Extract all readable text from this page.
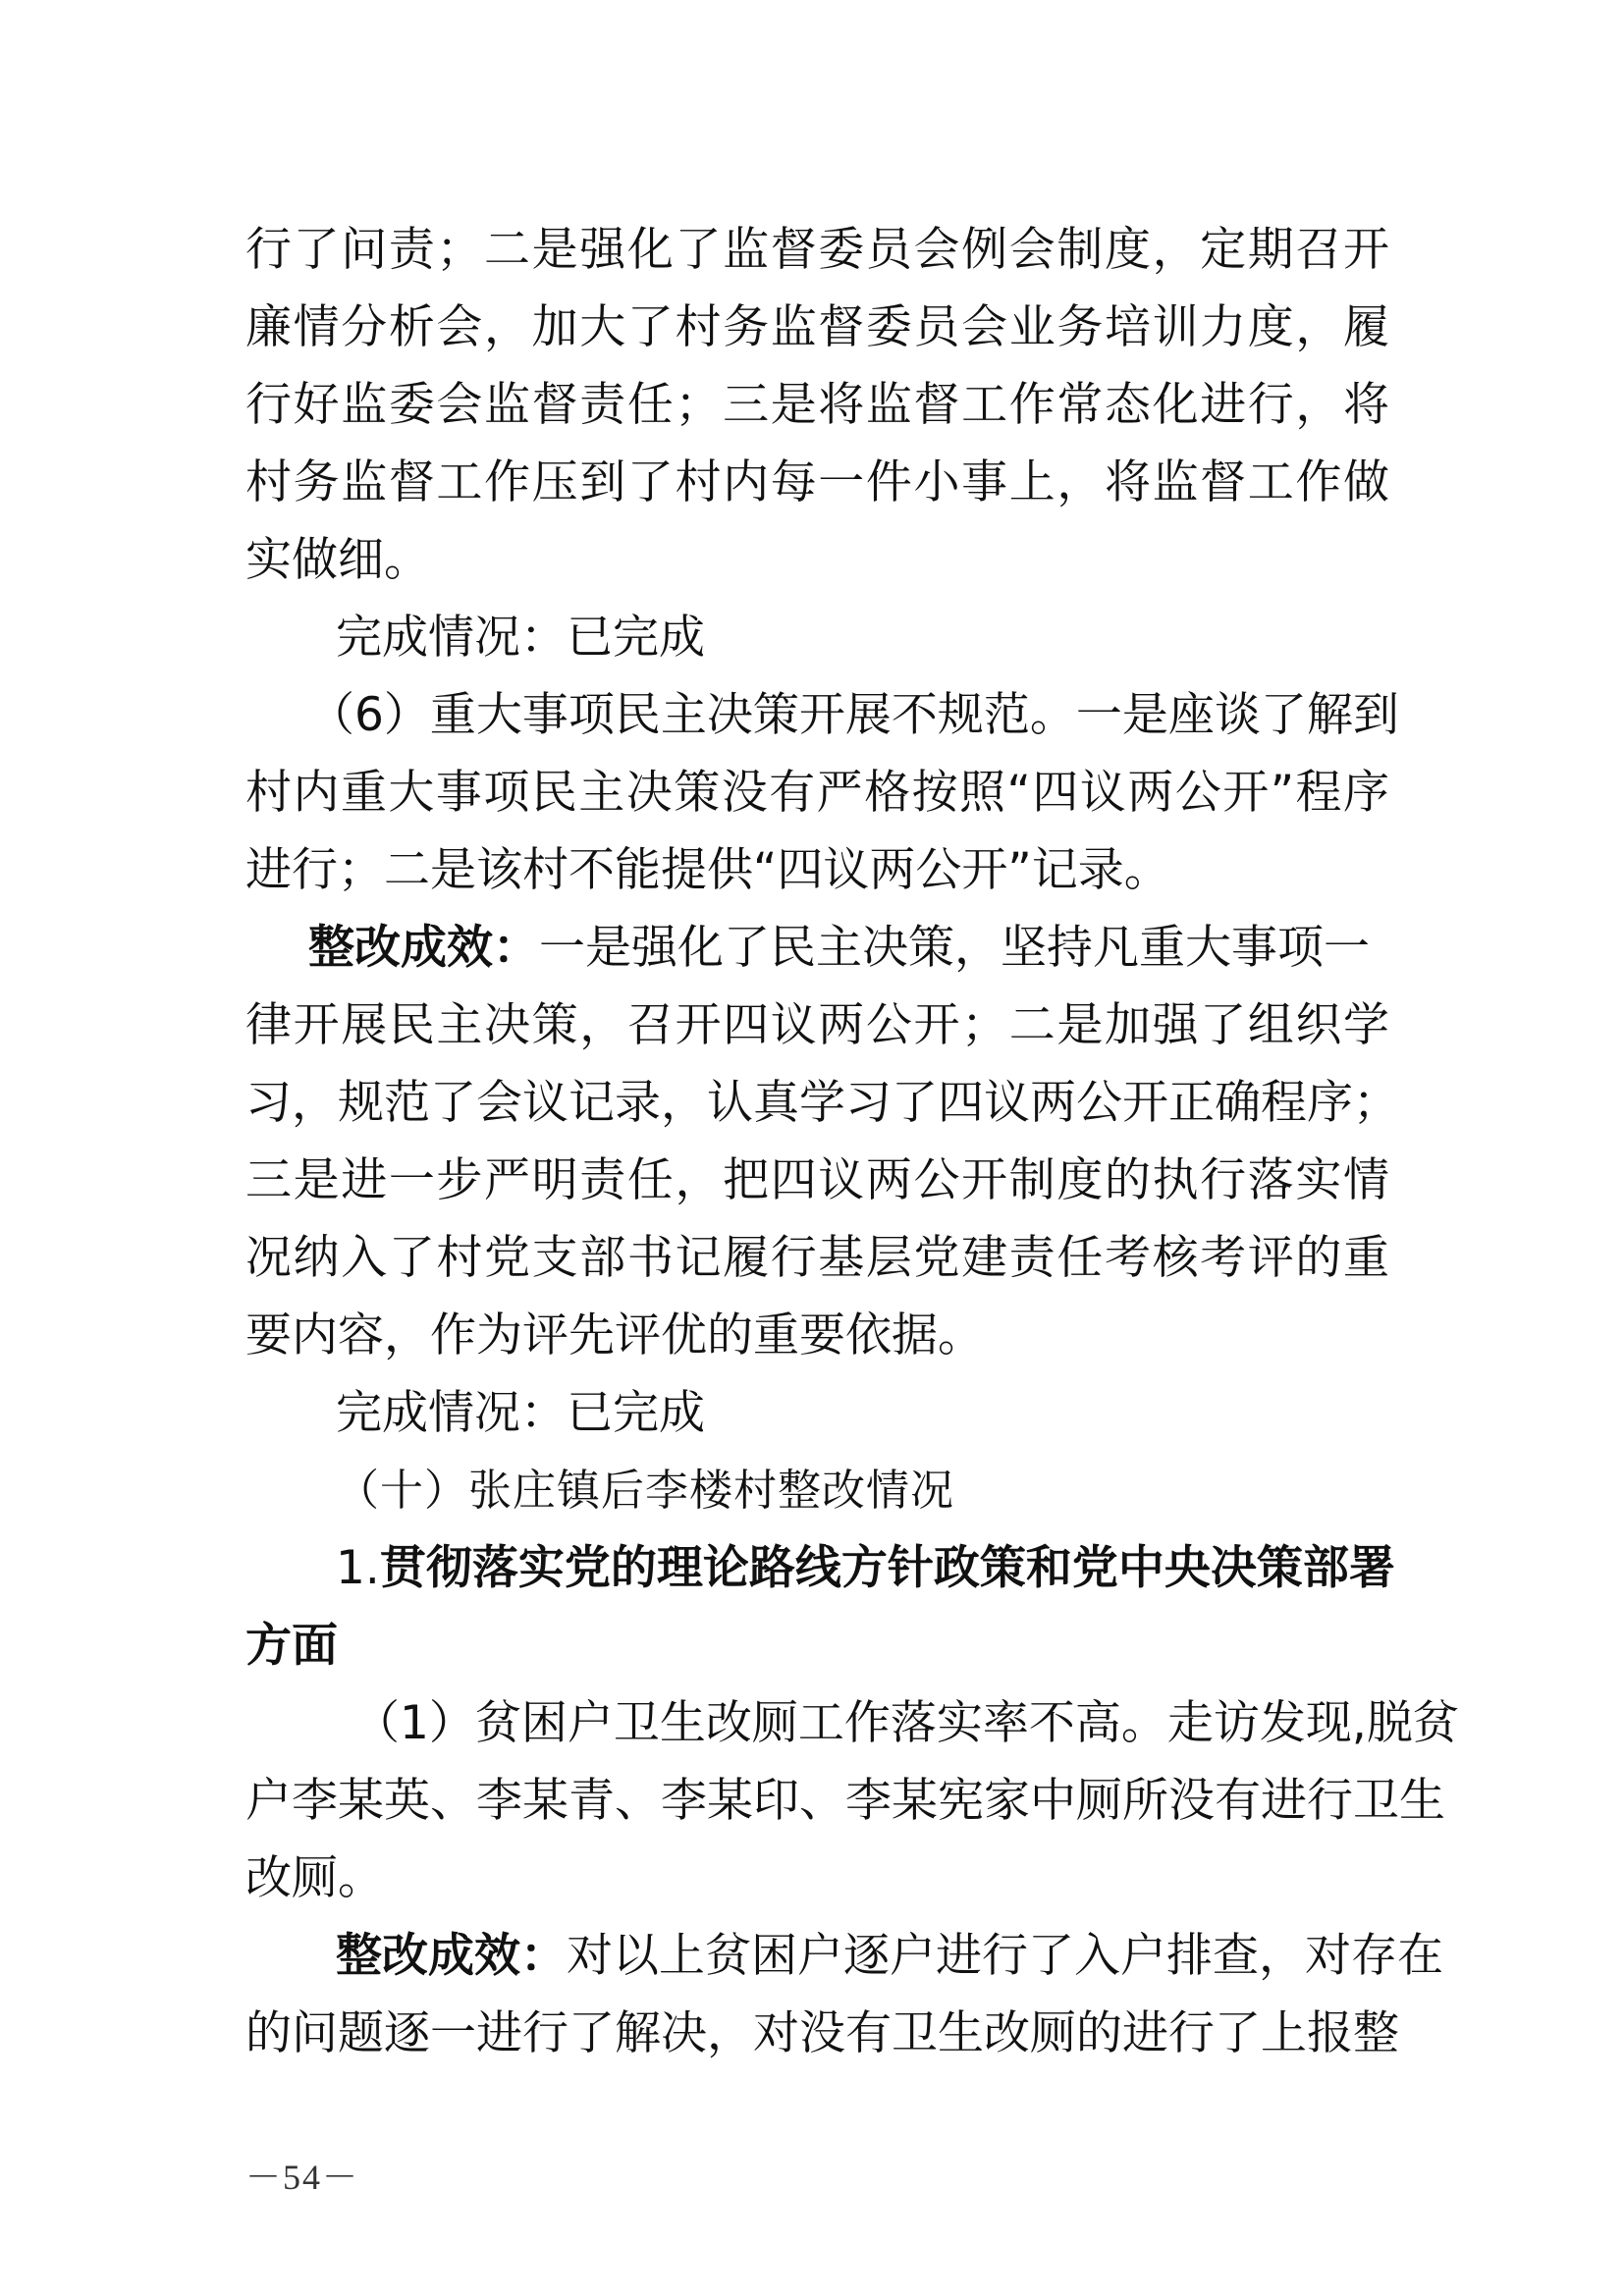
行了问责；二是强化了监督委员会例会制度，定期召开
廉情分析会，加大了村务监督委员会业务培训力度，履
行好监委会监督责任；三是将监督工作常态化进行，将
村务监督工作压到了村内每一件小事上，将监督工作做
实做细。
完成情况：已完成
（6）重大事项民主决策开展不规范。一是座谈了解到
村内重大事项民主决策没有严格按照“四议两公开”程序
进行；二是该村不能提供“四议两公开”记录。
整改成效：一是强化了民主决策，坚持凡重大事项一
律开展民主决策，召开四议两公开；二是加强了组织学
习，规范了会议记录，认真学习了四议两公开正确程序；
三是进一步严明责任，把四议两公开制度的执行落实情
况纳入了村党支部书记履行基层党建责任考核考评的重
要内容，作为评先评优的重要依据。
完成情况：已完成
（十）张庄镇后李楼村整改情况
1.贯彻落实党的理论路线方针政策和党中央决策部署
方面
（1）贫困户卫生改厕工作落实率不高。走访发现,脱贫
户李某英、李某青、李某印、李某宪家中厕所没有进行卫生
改厕。
整改成效：对以上贫困户逐户进行了入户排查，对存在
的问题逐一进行了解决，对没有卫生改厕的进行了上报整
－54－
